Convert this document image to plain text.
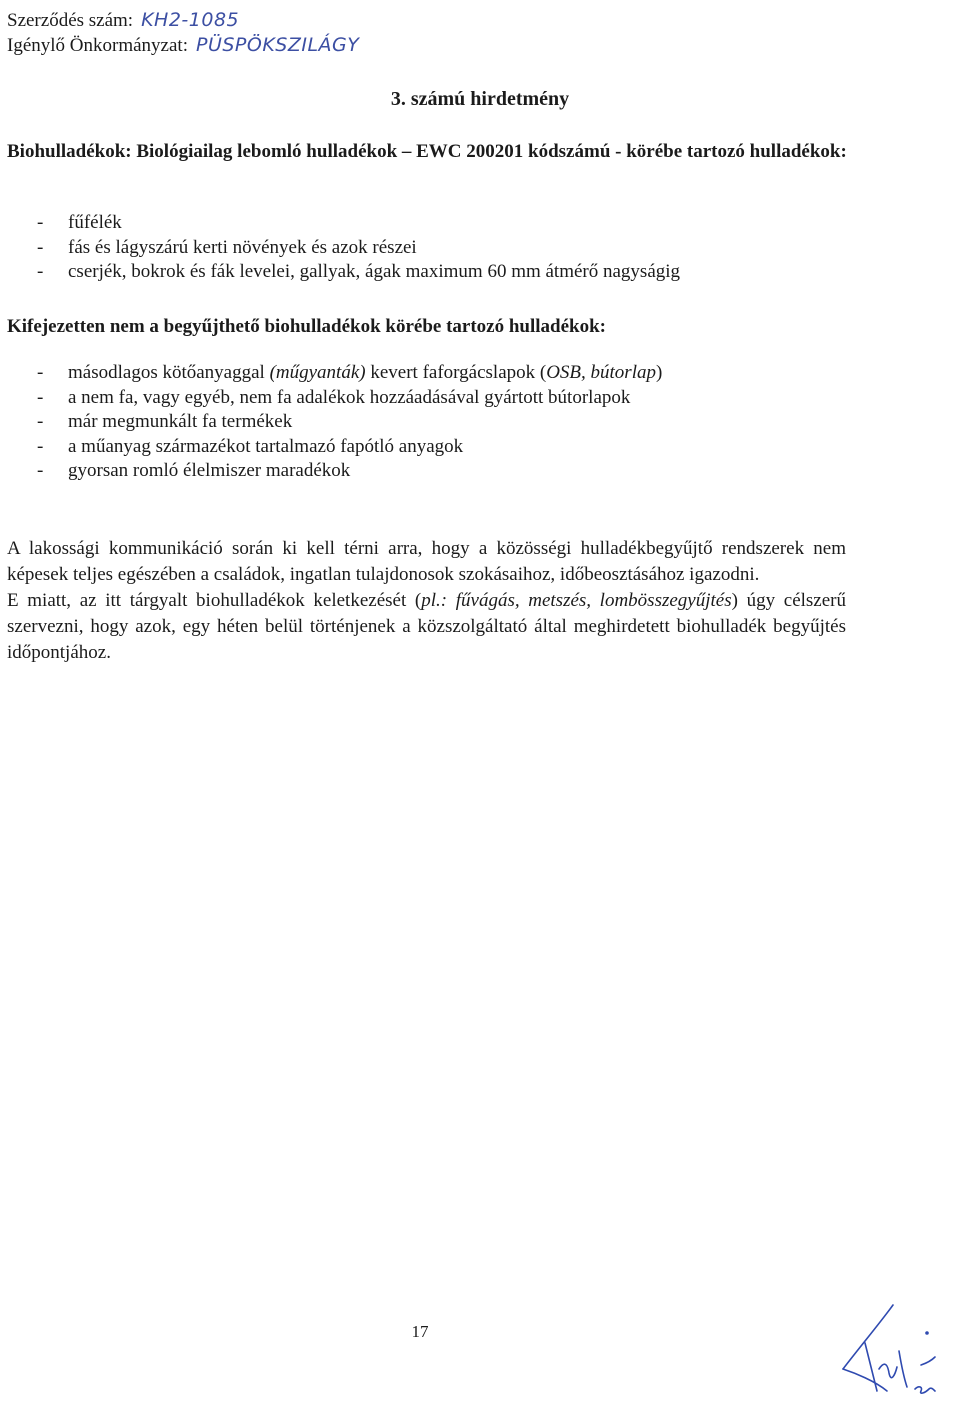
Szerződés szám: KH2-1085
Igénylő Önkormányzat: PÜSPÖKSZILÁGY
3. számú hirdetmény
Biohulladékok: Biológiailag lebomló hulladékok – EWC 200201 kódszámú - körébe tartozó hulladékok:
- fűfélék
- fás és lágyszárú kerti növények és azok részei
- cserjék, bokrok és fák levelei, gallyak, ágak maximum 60 mm átmérő nagyságig
Kifejezetten nem a begyűjthető biohulladékok körébe tartozó hulladékok:
- másodlagos kötőanyaggal (műgyanták) kevert faforgácslapok (OSB, bútorlap)
- a nem fa, vagy egyéb, nem fa adalékok hozzáadásával gyártott bútorlapok
- már megmunkált fa termékek
- a műanyag származékot tartalmazó fapótló anyagok
- gyorsan romló élelmiszer maradékok

A lakossági kommunikáció során ki kell térni arra, hogy a közösségi hulladékbegyűjtő rendszerek nem képesek teljes egészében a családok, ingatlan tulajdonosok szokásaihoz, időbeosztásához igazodni.

E miatt, az itt tárgyalt biohulladékok keletkezését (pl.: fűvágás, metszés, lombösszegyűjtés) úgy célszerű szervezni, hogy azok, egy héten belül történjenek a közszolgáltató által meghirdetett biohulladék begyűjtés időpontjához.

17
